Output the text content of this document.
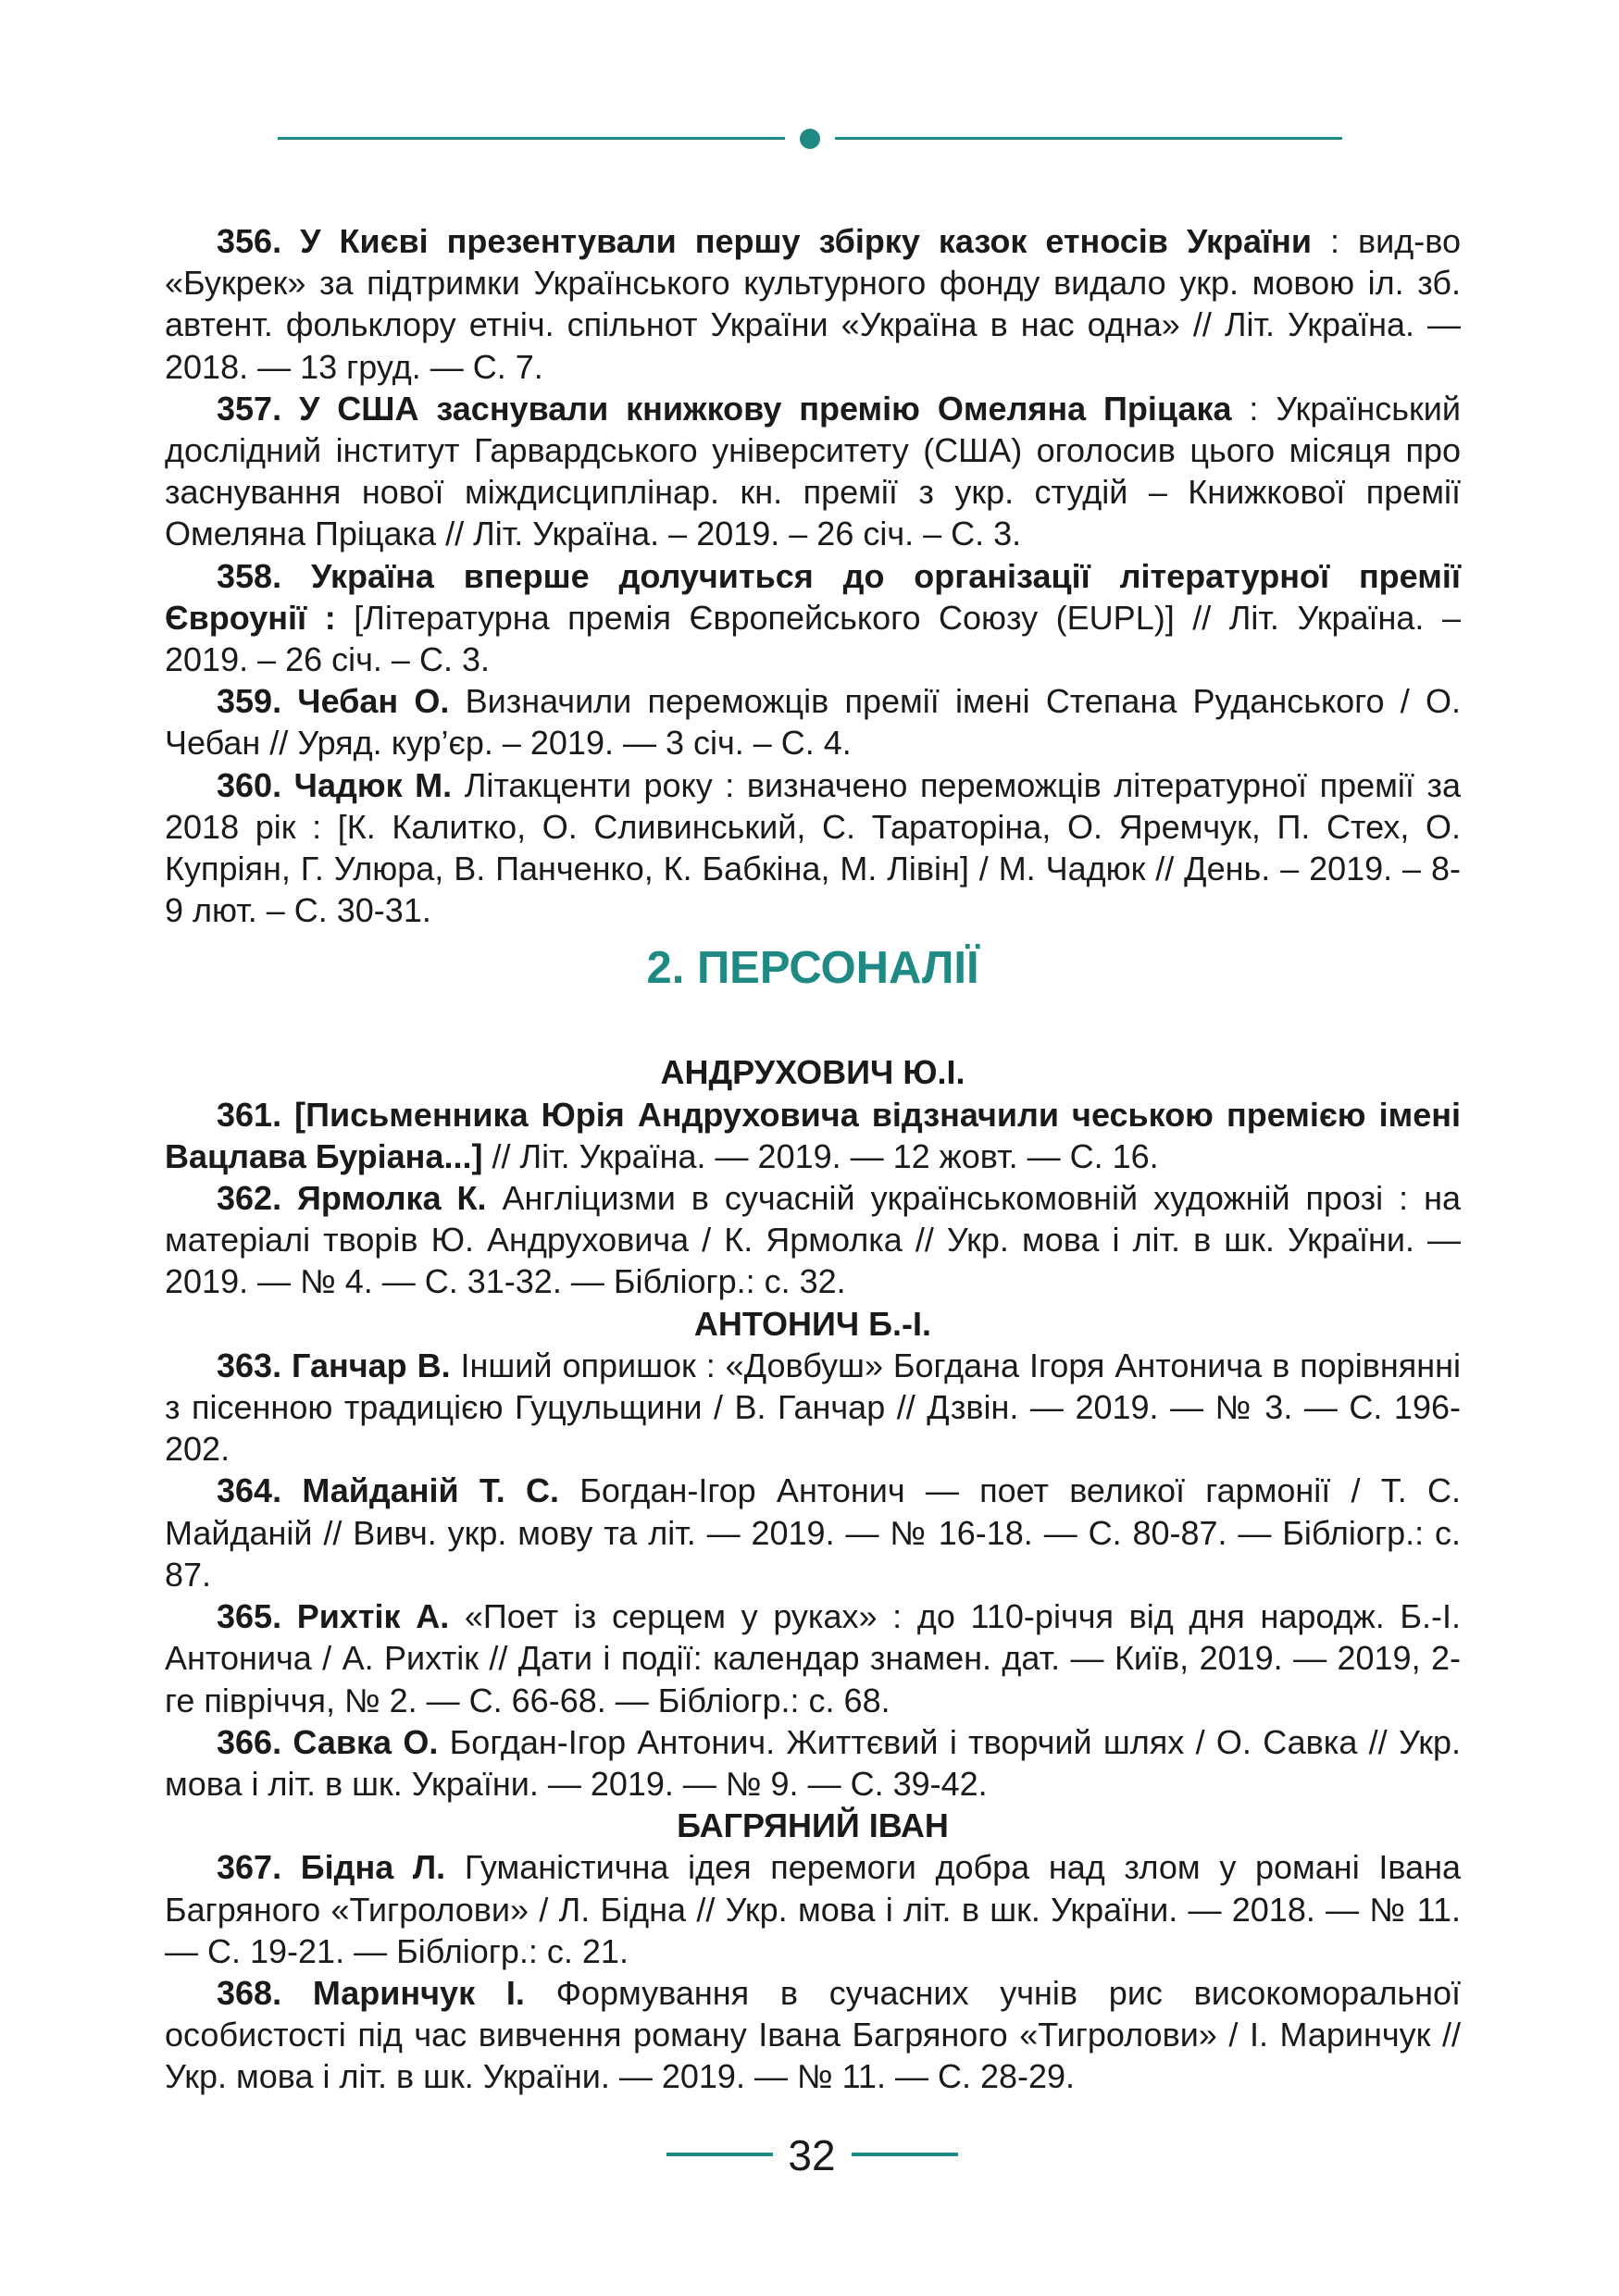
356. У Києві презентували першу збірку казок етносів України : вид-во «Букрек» за підтримки Українського культурного фонду видало укр. мовою іл. зб. автент. фольклору етніч. спільнот України «Україна в нас одна» // Літ. Україна. — 2018. — 13 груд. — С. 7.

357. У США заснували книжкову премію Омеляна Пріцака : Український дослідний інститут Гарвардського університету (США) оголосив цього місяця про заснування нової міждисциплінар. кн. премії з укр. студій – Книжкової премії Омеляна Пріцака // Літ. Україна. – 2019. – 26 січ. – С. 3.

358. Україна вперше долучиться до організації літературної премії Євроунії : [Літературна премія Європейського Союзу (EUPL)] // Літ. Україна. – 2019. – 26 січ. – С. 3.

359. Чебан О. Визначили переможців премії імені Степана Руданського / О. Чебан // Уряд. кур’єр. – 2019. — 3 січ. – С. 4.

360. Чадюк М. Літакценти року : визначено переможців літературної премії за 2018 рік : [К. Калитко, О. Сливинський, С. Тараторіна, О. Яремчук, П. Стех, О. Купріян, Г. Улюра, В. Панченко, К. Бабкіна, М. Лівін] / М. Чадюк // День. – 2019. – 8-9 лют. – С. 30-31.

2. ПЕРСОНАЛІЇ
АНДРУХОВИЧ Ю.І.

361. [Письменника Юрія Андруховича відзначили чеською премією імені Вацлава Буріана...] // Літ. Україна. — 2019. — 12 жовт. — С. 16.

362. Ярмолка К. Англіцизми в сучасній українськомовній художній прозі : на матеріалі творів Ю. Андруховича / К. Ярмолка // Укр. мова і літ. в шк. України. — 2019. — № 4. — С. 31-32. — Бібліогр.: с. 32.

АНТОНИЧ Б.-І.

363. Ганчар В. Інший опришок : «Довбуш» Богдана Ігоря Антонича в порівнянні з пісенною традицією Гуцульщини / В. Ганчар // Дзвін. — 2019. — № 3. — С. 196-202.

364. Майданій Т. С. Богдан-Ігор Антонич — поет великої гармонії / Т. С. Майданій // Вивч. укр. мову та літ. — 2019. — № 16-18. — С. 80-87. — Бібліогр.: с. 87.

365. Рихтік А. «Поет із серцем у руках» : до 110-річчя від дня народж. Б.-І. Антонича / А. Рихтік // Дати і події: календар знамен. дат. — Київ, 2019. — 2019, 2-ге півріччя, № 2. — С. 66-68. — Бібліогр.: с. 68.

366. Савка О. Богдан-Ігор Антонич. Життєвий і творчий шлях / О. Савка // Укр. мова і літ. в шк. України. — 2019. — № 9. — С. 39-42.

БАГРЯНИЙ ІВАН

367. Бідна Л. Гуманістична ідея перемоги добра над злом у романі Івана Багряного «Тигролови» / Л. Бідна // Укр. мова і літ. в шк. України. — 2018. — № 11. — С. 19-21. — Бібліогр.: с. 21.

368. Маринчук І. Формування в сучасних учнів рис високоморальної особистості під час вивчення роману Івана Багряного «Тигролови» / І. Маринчук // Укр. мова і літ. в шк. України. — 2019. — № 11. — С. 28-29.

32
